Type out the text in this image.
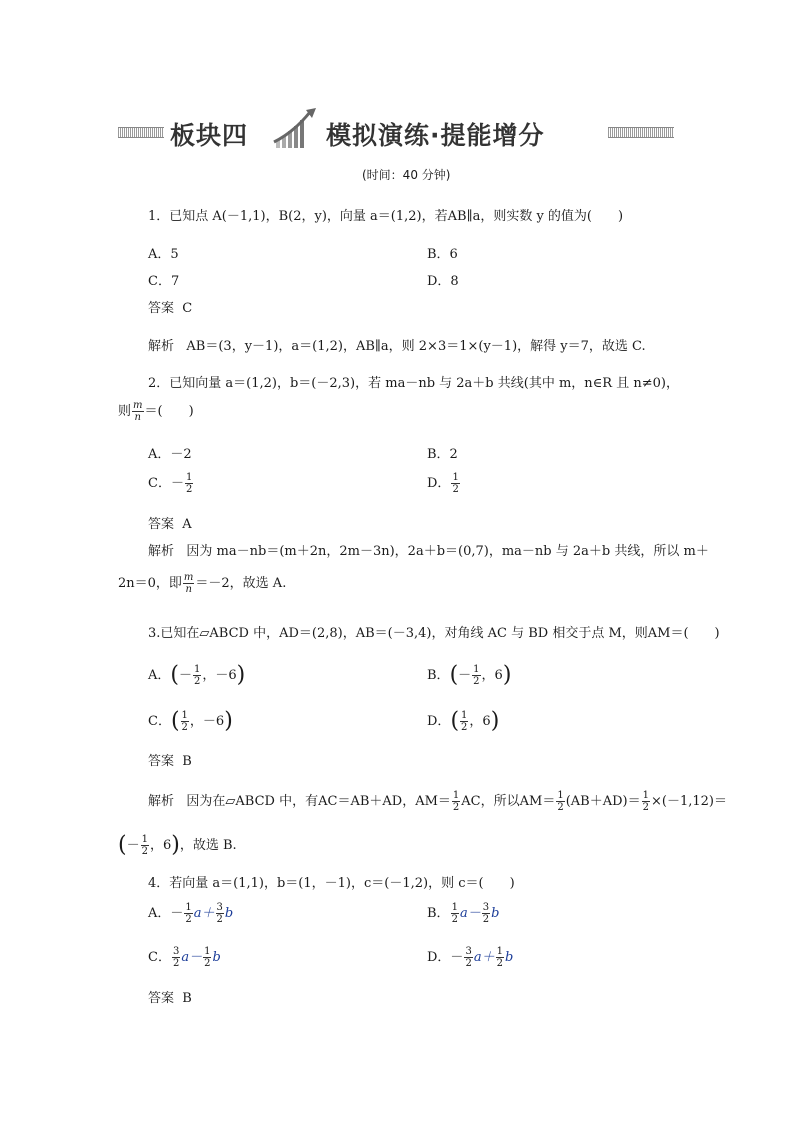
板块四	模拟演练·提能增分
(时间：40 分钟)
1．已知点 A(－1,1)，B(2，y)，向量 a＝(1,2)，若AB∥a，则实数 y 的值为(　　)
A．5	B．6
C．7	D．8
答案 C
解析 AB＝(3，y－1)，a＝(1,2)，AB∥a，则 2×3＝1×(y－1)，解得 y＝7，故选 C.
2．已知向量 a＝(1,2)，b＝(－2,3)，若 ma－nb 与 2a＋b 共线(其中 m，n∈R 且 n≠0)，
则 $\frac{m}{n}$ ＝(　　)
A．－2	B．2
C．－ $\frac{1}{2}$	D． $\frac{1}{2}$
答案 A
解析 因为 ma－nb＝(m＋2n，2m－3n)，2a＋b＝(0,7)，ma－nb 与 2a＋b 共线，所以 m＋
2n＝0，即 $\frac{m}{n} =-2$，故选 A.
3.已知在▱ABCD 中，AD＝(2,8)，AB＝(－3,4)，对角线 AC 与 BD 相交于点 M，则AM＝(　　)
A．(－ $\frac{1}{2}$ ，－6)	B．(－ $\frac{1}{2}$ ，6)
C．( $\frac{1}{2}$ ，－6)	D．( $\frac{1}{2}$ ，6)
答案 B
解析 因为在▱ABCD 中，有AC＝AB＋AD，$AM= \frac{1}{2}$ AC，所以$AM= \frac{1}{2} (AB+AD)= \frac{1}{2} \times(-1,12)=$
(－ $\frac{1}{2}$ ，6)，故选 B.
4．若向量 a＝(1,1)，b＝(1，－1)，c＝(－1,2)，则 c＝(　　)
A．－ $\frac{1}{2} a+ \frac{3}{2}$ b	B． $\frac{1}{2} a- \frac{3}{2}$ b
C． $\frac{3}{2} a- \frac{1}{2}$ b	D．－ $\frac{3}{2} a+ \frac{1}{2}$ b
答案 B
